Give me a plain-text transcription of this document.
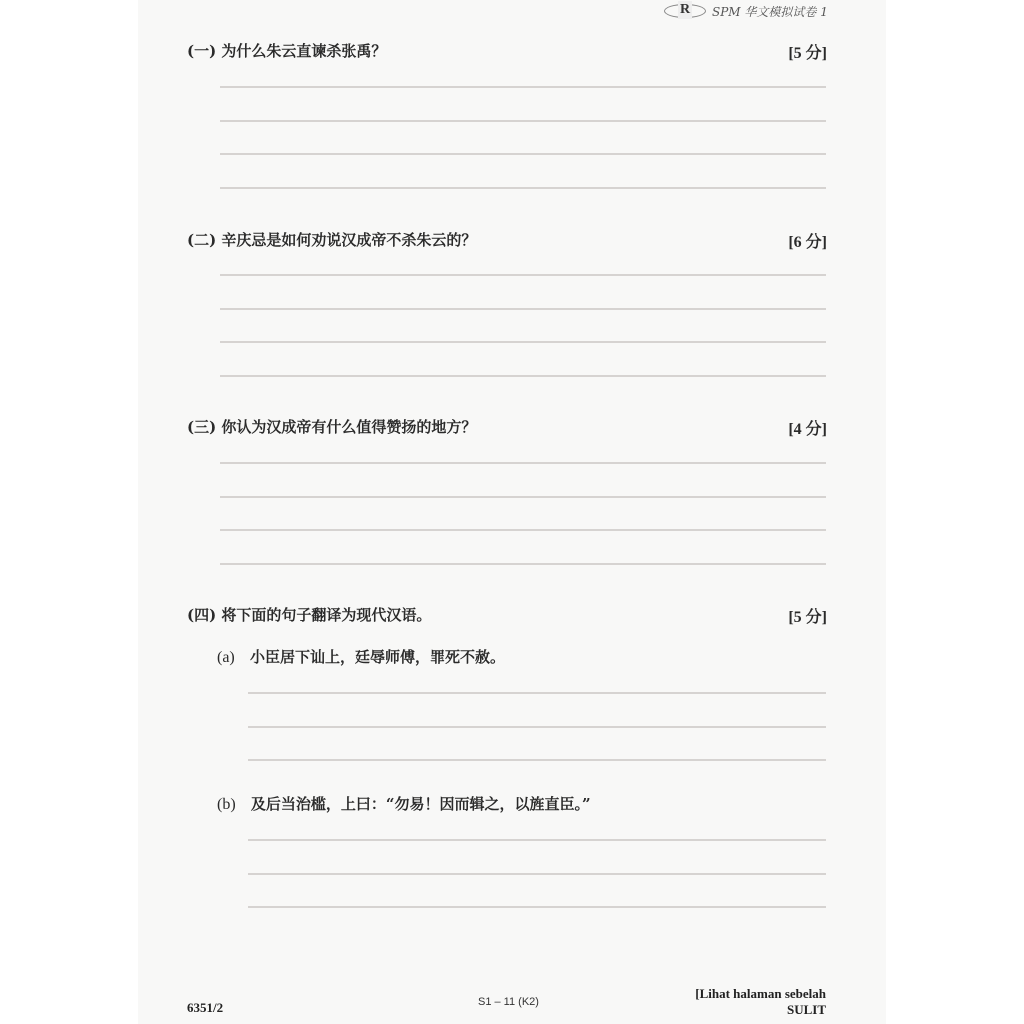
R SPM 华文模拟试卷 1
(一) 为什么朱云直谏杀张禹？	[5 分]
(二) 辛庆忌是如何劝说汉成帝不杀朱云的？	[6 分]
(三) 你认为汉成帝有什么值得赞扬的地方？	[4 分]
(四) 将下面的句子翻译为现代汉语。	[5 分]
(a) 小臣居下讪上，廷辱师傅，罪死不赦。
(b) 及后当治槛，上曰：“勿易！因而辑之，以旌直臣。”
6351/2	S1 – 11 (K2)
[Lihat halaman sebelah
SULIT
